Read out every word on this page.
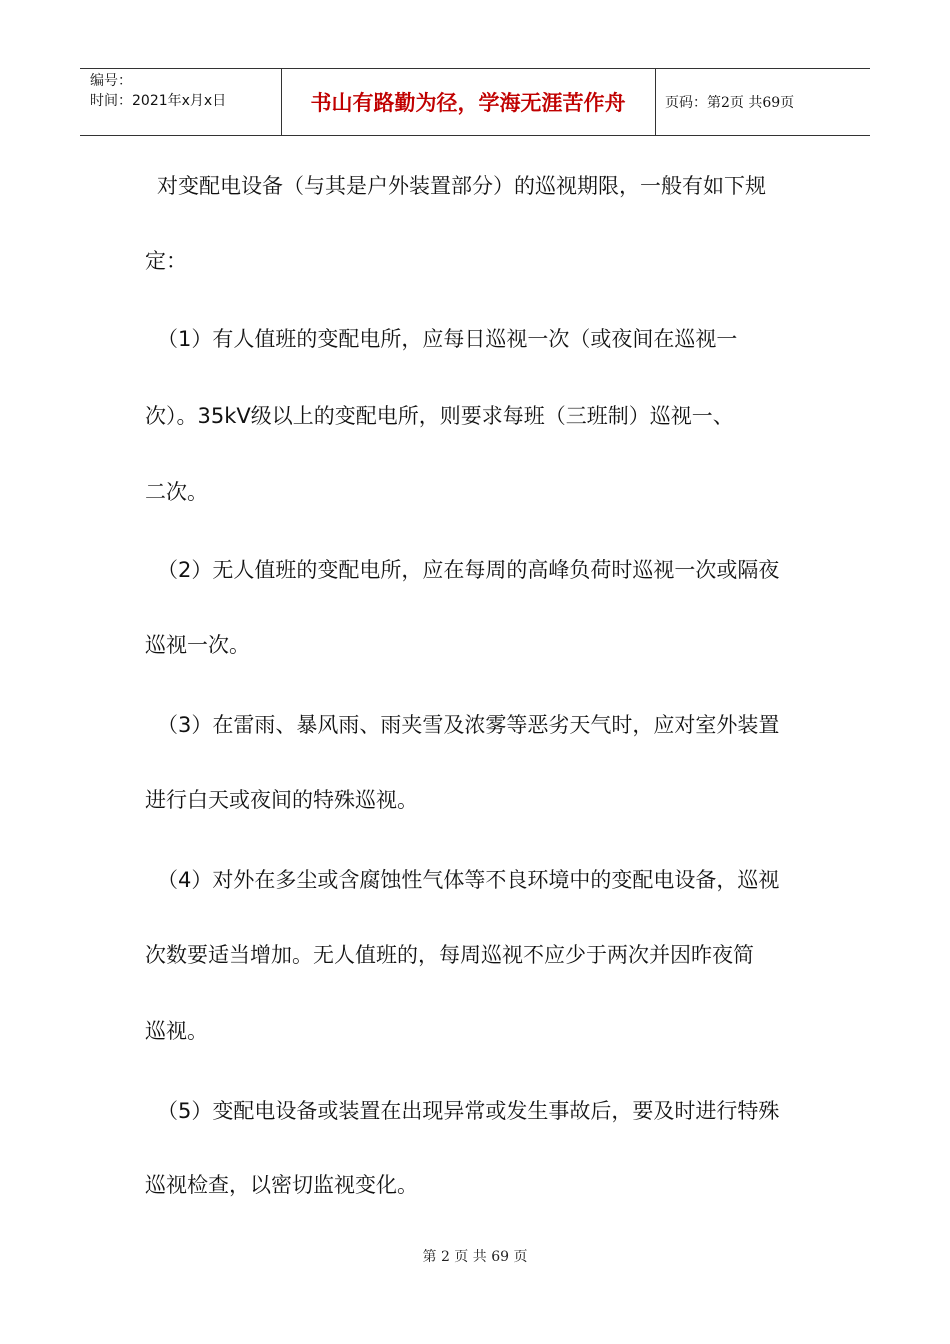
编号：
时间：2021年x月x日	书山有路勤为径，学海无涯苦作舟	页码：第2页 共69页
对变配电设备（与其是户外装置部分）的巡视期限，一般有如下规
定：
（1）有人值班的变配电所，应每日巡视一次（或夜间在巡视一
次）。35kV级以上的变配电所，则要求每班（三班制）巡视一、
二次。
（2）无人值班的变配电所，应在每周的高峰负荷时巡视一次或隔夜
巡视一次。
（3）在雷雨、暴风雨、雨夹雪及浓雾等恶劣天气时，应对室外装置
进行白天或夜间的特殊巡视。
（4）对外在多尘或含腐蚀性气体等不良环境中的变配电设备，巡视
次数要适当增加。无人值班的，每周巡视不应少于两次并因昨夜简
巡视。
（5）变配电设备或装置在出现异常或发生事故后，要及时进行特殊
巡视检查，以密切监视变化。
第 2 页 共 69 页
